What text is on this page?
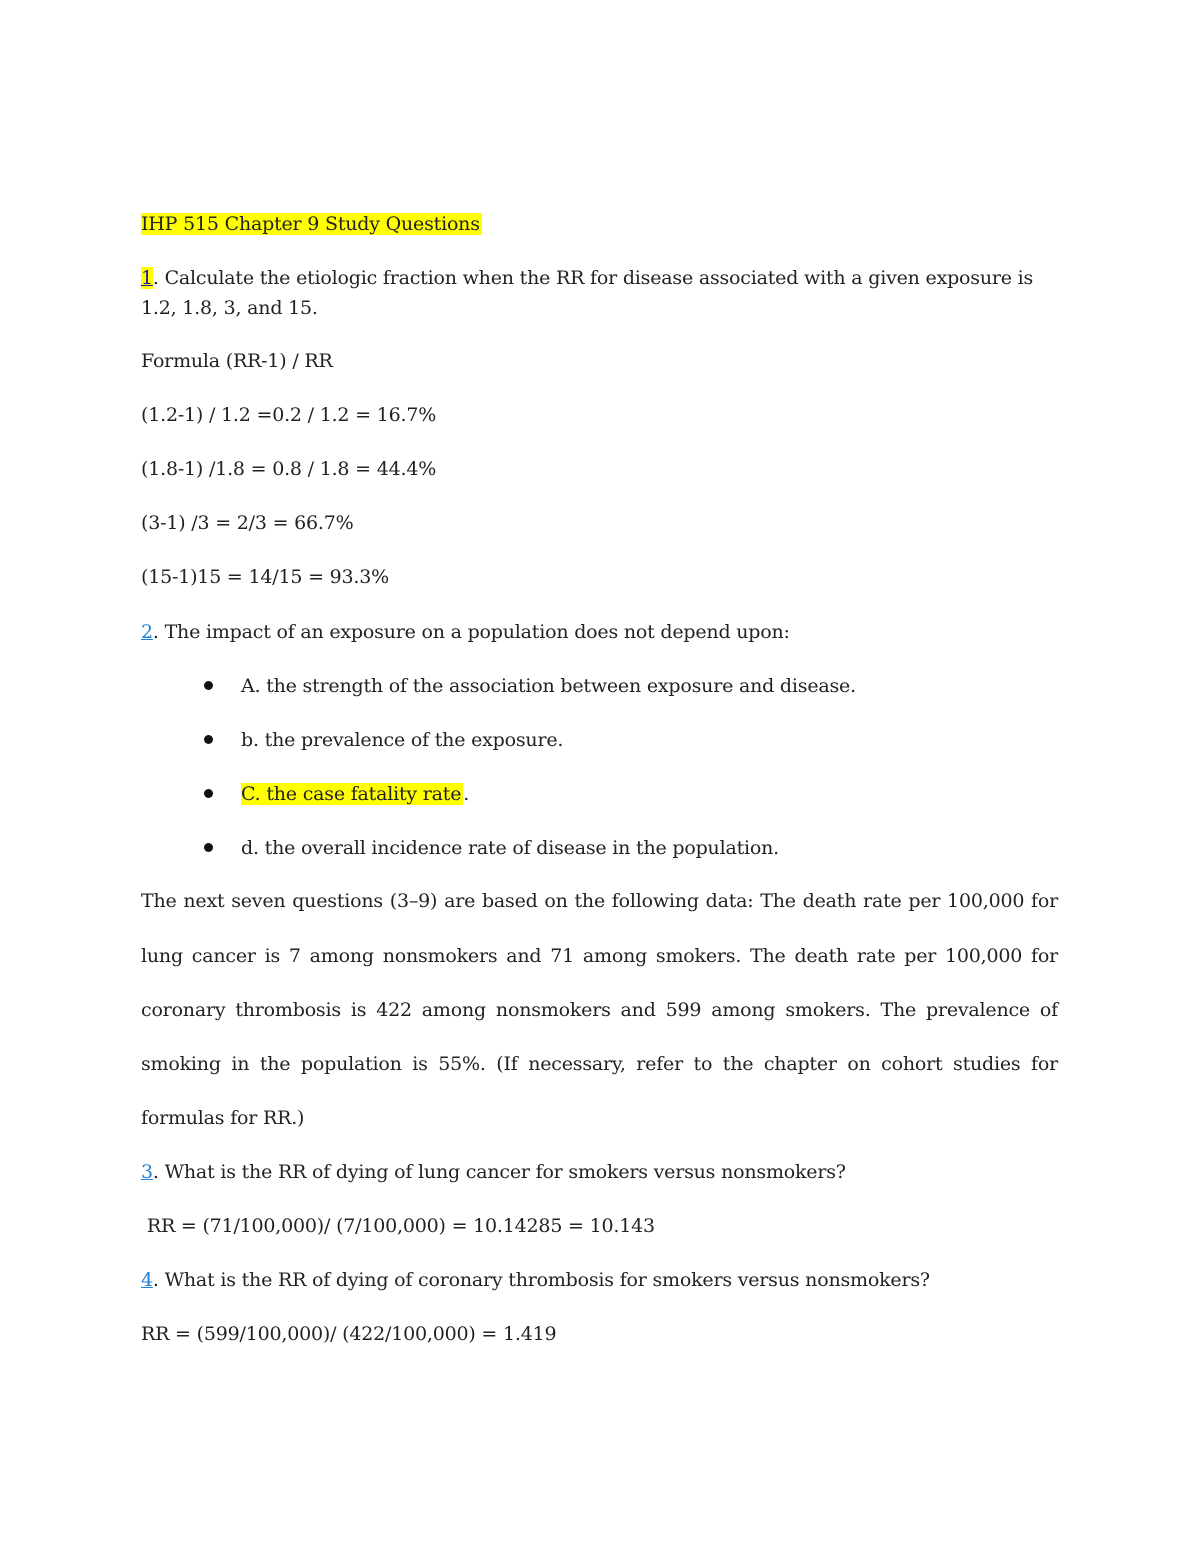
IHP 515 Chapter 9 Study Questions
1. Calculate the etiologic fraction when the RR for disease associated with a given exposure is
1.2, 1.8, 3, and 15.
Formula (RR-1) / RR
(1.2-1) / 1.2 =0.2 / 1.2 = 16.7%
(1.8-1) /1.8 = 0.8 / 1.8 = 44.4%
(3-1) /3 = 2/3 = 66.7%
(15-1)15 = 14/15 = 93.3%
2. The impact of an exposure on a population does not depend upon:
A. the strength of the association between exposure and disease.
b. the prevalence of the exposure.
C. the case fatality rate .
d. the overall incidence rate of disease in the population.
The next seven questions (3–9) are based on the following data: The death rate per 100,000 for
lung cancer is 7 among nonsmokers and 71 among smokers. The death rate per 100,000 for
coronary thrombosis is 422 among nonsmokers and 599 among smokers. The prevalence of
smoking in the population is 55%. (If necessary, refer to the chapter on cohort studies for
formulas for RR.)
3. What is the RR of dying of lung cancer for smokers versus nonsmokers?
RR = (71/100,000)/ (7/100,000) = 10.14285 = 10.143
4. What is the RR of dying of coronary thrombosis for smokers versus nonsmokers?
RR = (599/100,000)/ (422/100,000) = 1.419
